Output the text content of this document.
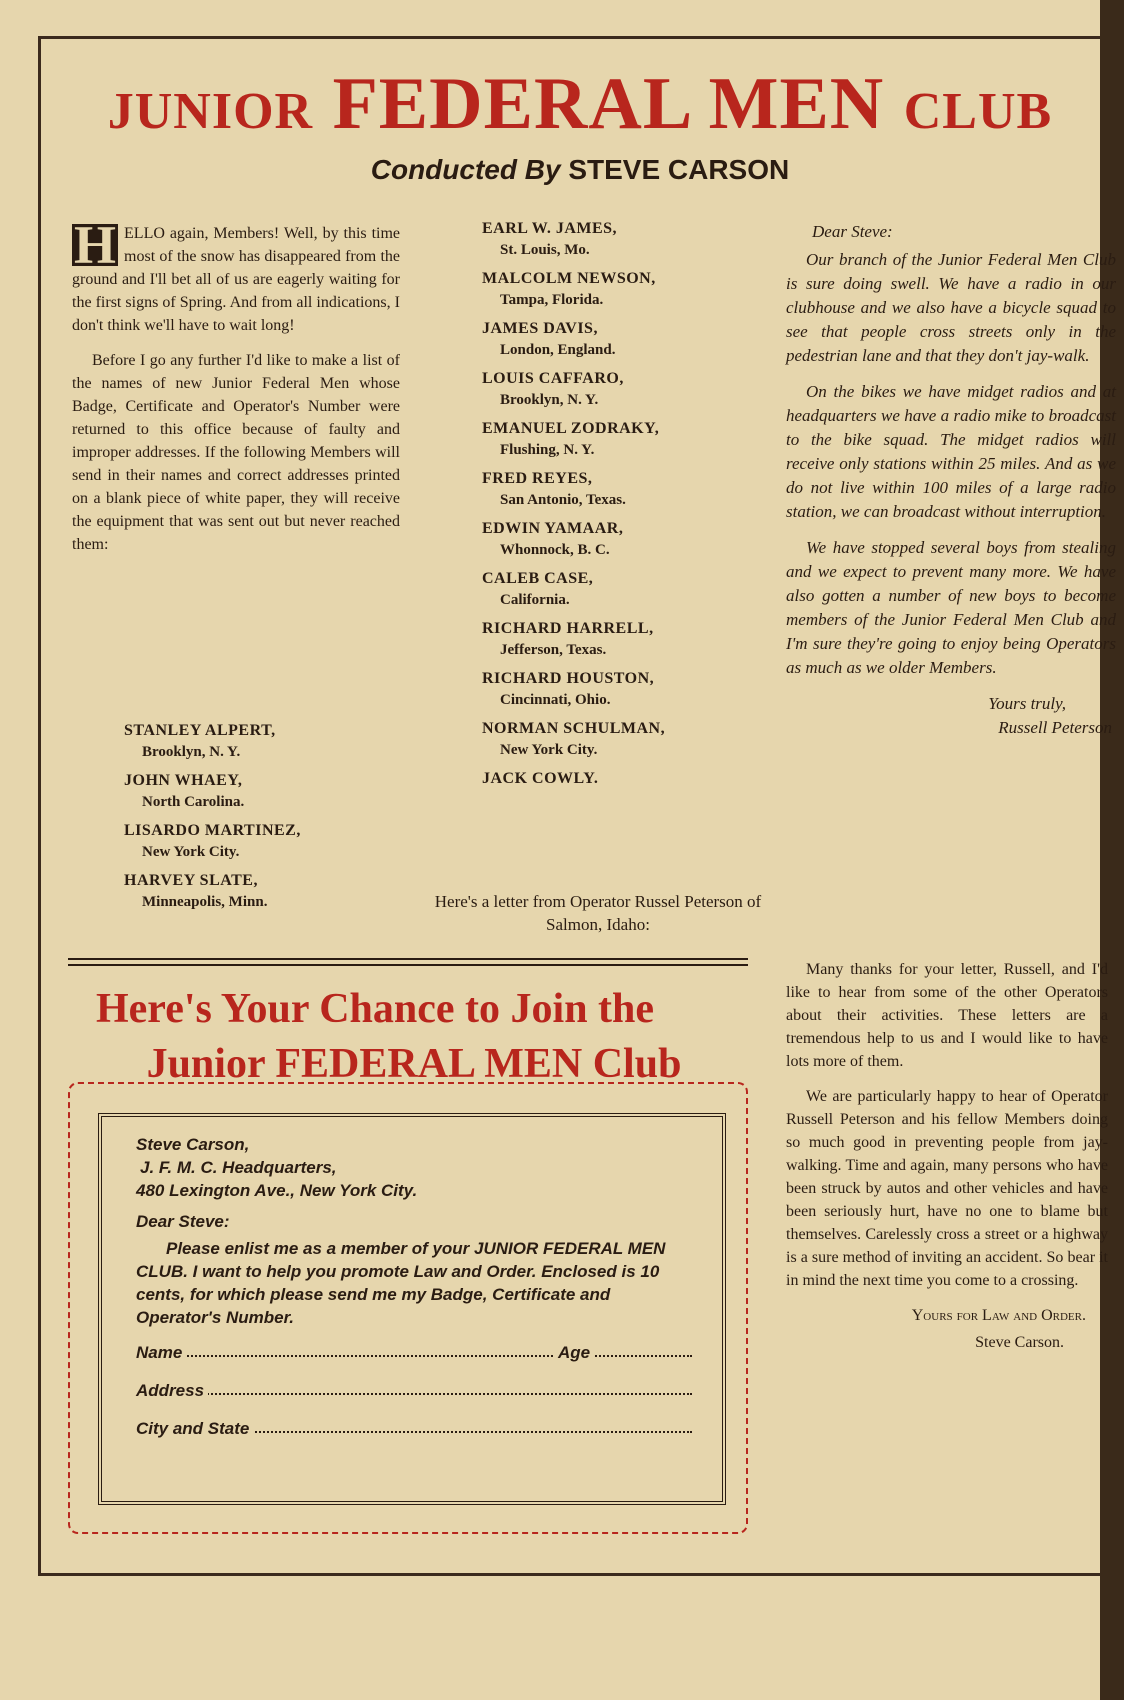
JUNIOR FEDERAL MEN CLUB
Conducted By STEVE CARSON

H ELLO again, Members! Well, by this time most of the snow has disappeared from the ground and I'll bet all of us are eagerly waiting for the first signs of Spring. And from all indications, I don't think we'll have to wait long!

Before I go any further I'd like to make a list of the names of new Junior Federal Men whose Badge, Certificate and Operator's Number were returned to this office because of faulty and improper addresses. If the following Members will send in their names and correct addresses printed on a blank piece of white paper, they will receive the equipment that was sent out but never reached them:

STANLEY ALPERT,
Brooklyn, N. Y.
JOHN WHAEY,
North Carolina.
LISARDO MARTINEZ,
New York City.
HARVEY SLATE,
Minneapolis, Minn.
EARL W. JAMES,
St. Louis, Mo.
MALCOLM NEWSON,
Tampa, Florida.
JAMES DAVIS,
London, England.
LOUIS CAFFARO,
Brooklyn, N. Y.
EMANUEL ZODRAKY,
Flushing, N. Y.
FRED REYES,
San Antonio, Texas.
EDWIN YAMAAR,
Whonnock, B. C.
CALEB CASE,
California.
RICHARD HARRELL,
Jefferson, Texas.
RICHARD HOUSTON,
Cincinnati, Ohio.
NORMAN SCHULMAN,
New York City.
JACK COWLY.
Here's a letter from Operator Russel Peterson of Salmon, Idaho:

Dear Steve:

Our branch of the Junior Federal Men Club is sure doing swell. We have a radio in our clubhouse and we also have a bicycle squad to see that people cross streets only in the pedestrian lane and that they don't jay-walk.

On the bikes we have midget radios and at headquarters we have a radio mike to broadcast to the bike squad. The midget radios will receive only stations within 25 miles. And as we do not live within 100 miles of a large radio station, we can broadcast without interruption.

We have stopped several boys from stealing and we expect to prevent many more. We have also gotten a number of new boys to become members of the Junior Federal Men Club and I'm sure they're going to enjoy being Operators as much as we older Members.

Yours truly,
Russell Peterson

Many thanks for your letter, Russell, and I'd like to hear from some of the other Operators about their activities. These letters are a tremendous help to us and I would like to have lots more of them.

We are particularly happy to hear of Operator Russell Peterson and his fellow Members doing so much good in preventing people from jay-walking. Time and again, many persons who have been struck by autos and other vehicles and have been seriously hurt, have no one to blame but themselves. Carelessly cross a street or a highway is a sure method of inviting an accident. So bear it in mind the next time you come to a crossing.

Yours for Law and Order.
Steve Carson.
Here's Your Chance to Join the
Junior FEDERAL MEN Club
Steve Carson,
J. F. M. C. Headquarters,
480 Lexington Ave., New York City.
Dear Steve:
Please enlist me as a member of your JUNIOR FEDERAL MEN CLUB. I want to help you promote Law and Order. Enclosed is 10 cents, for which please send me my Badge, Certificate and Operator's Number.
Name	Age
Address
City and State
